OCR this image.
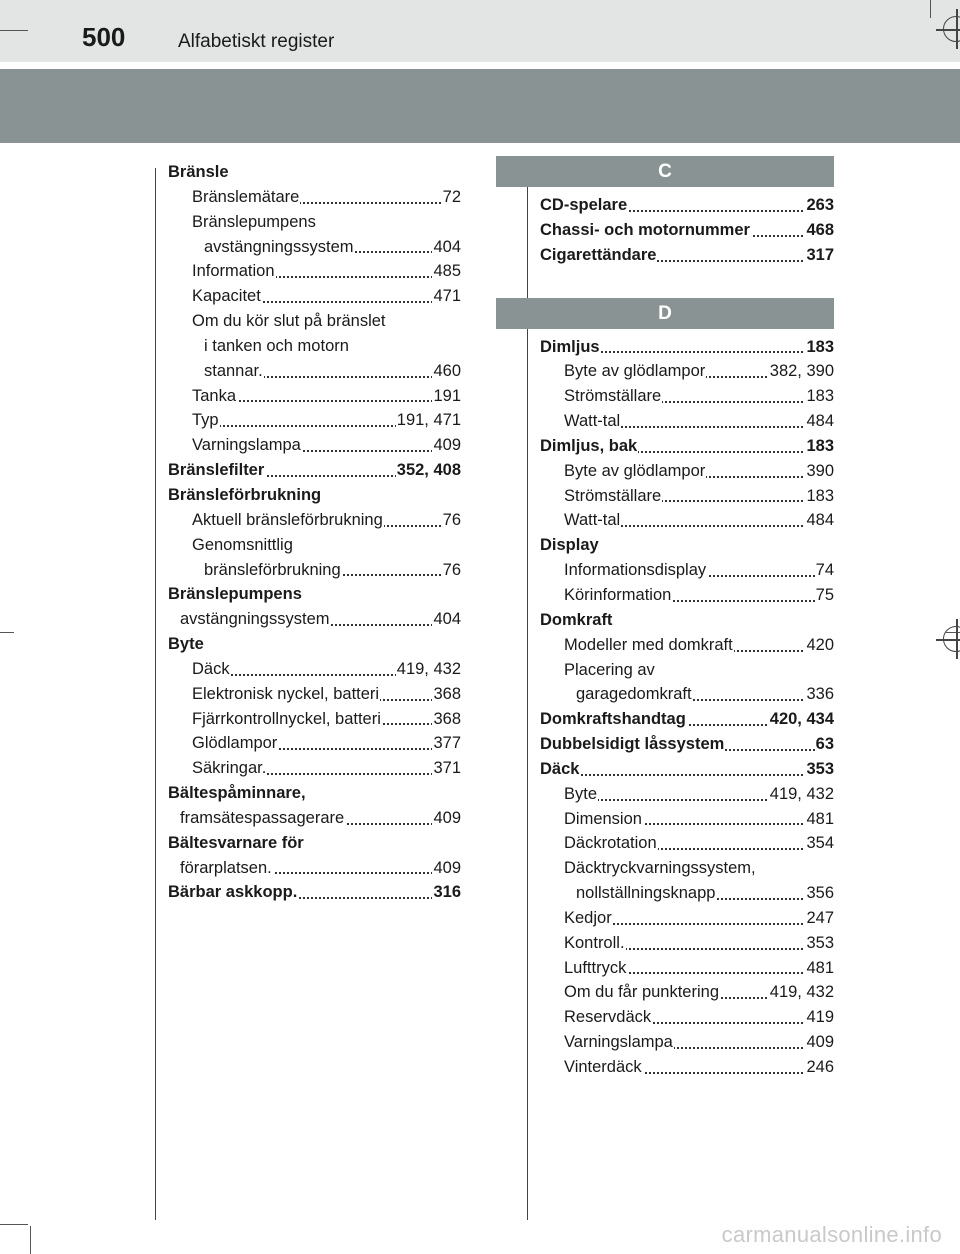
500	Alfabetiskt register
Bränsle
Bränslemätare	72
Bränslepumpens
avstängningssystem	404
Information	485
Kapacitet	471
Om du kör slut på bränslet
i tanken och motorn
stannar.	460
Tanka	191
Typ	191, 471
Varningslampa	409
Bränslefilter	352, 408
Bränsleförbrukning
Aktuell bränsleförbrukning	76
Genomsnittlig
bränsleförbrukning	76
Bränslepumpens
avstängningssystem	404
Byte
Däck	419, 432
Elektronisk nyckel, batteri	368
Fjärrkontrollnyckel, batteri	368
Glödlampor	377
Säkringar.	371
Bältespåminnare,
framsätespassagerare	409
Bältesvarnare för
förarplatsen.	409
Bärbar askkopp.	316
C
CD-spelare	263
Chassi- och motornummer	468
Cigarettändare	317
D
Dimljus	183
Byte av glödlampor	382, 390
Strömställare	183
Watt-tal	484
Dimljus, bak	183
Byte av glödlampor	390
Strömställare	183
Watt-tal	484
Display
Informationsdisplay	74
Körinformation	75
Domkraft
Modeller med domkraft	420
Placering av
garagedomkraft	336
Domkraftshandtag	420, 434
Dubbelsidigt låssystem	63
Däck	353
Byte	419, 432
Dimension	481
Däckrotation	354
Däcktryckvarningssystem,
nollställningsknapp	356
Kedjor	247
Kontroll.	353
Lufttryck	481
Om du får punktering	419, 432
Reservdäck	419
Varningslampa	409
Vinterdäck	246
carmanualsonline.info
